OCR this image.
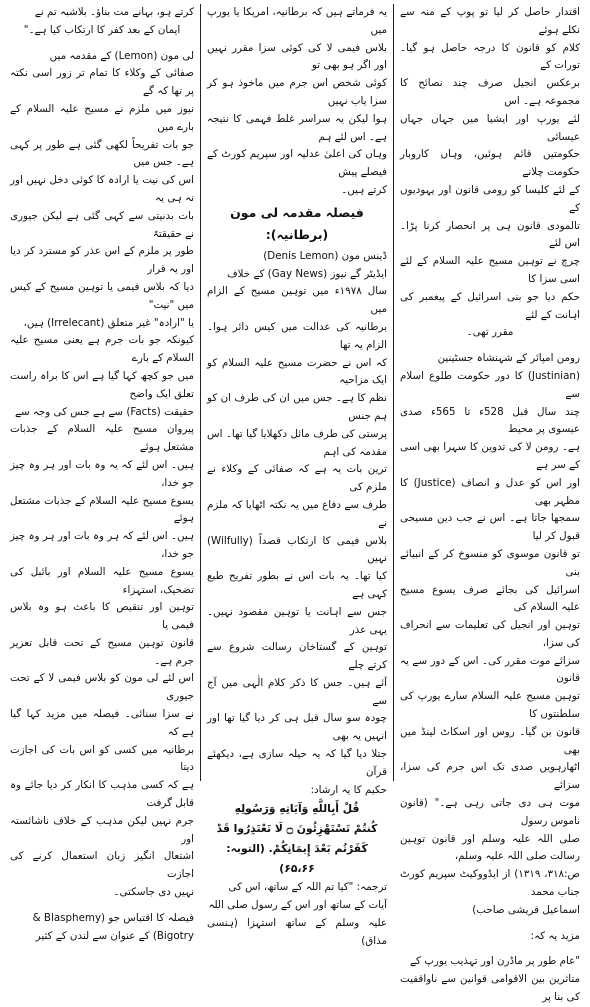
کرتے ہو، بہانے مت بناؤ۔ بلاشبہ تم نے
ایمان کے بعد کفر کا ارتکاب کیا ہے۔"
لی مون (Lemon) کے مقدمہ میں
صفائی کے وکلاء کا تمام تر زور اسی نکتہ پر تھا کہ گے
نیوز میں ملزم نے مسیح علیہ السلام کے بارے میں
جو بات تفریحاً لکھی گئی ہے طور پر کہی ہے۔ جس میں
اس کی نیت یا ارادہ کا کوئی دخل نہیں اور نہ ہی یہ
بات بدنیتی سے کہی گئی ہے لیکن جیوری نے حقیقتہً
طور پر ملزم کے اس عذر کو مسترد کر دیا اور یہ قرار
دیا کہ بلاس فیمی یا توہین مسیح کے کیس میں "نیت"
یا "ارادہ" غیر متعلق (Irrelecant) ہیں،
کیونکہ جو بات جرم ہے یعنی مسیح علیہ السلام کے بارے
میں جو کچھ کہا گیا ہے اس کا براہ راست تعلق ایک واضح
حقیقت (Facts) سے ہے جس کی وجہ سے
پیروان مسیح علیہ السلام کے جذبات مشتعل ہوئے
ہیں۔ اس لئے کہ یہ وہ بات اور ہر وہ چیز جو خدا،
یسوع مسیح علیہ السلام کے جذبات مشتعل ہوئے
ہیں۔ اس لئے کہ ہر وہ بات اور ہر وہ چیز جو خدا،
یسوع مسیح علیہ السلام اور بائبل کی تضحیک، استہزاء
توہین اور تنقیص کا باعث ہو وہ بلاس فیمی یا
قانون توہین مسیح کے تحت قابل تعزیر جرم ہے۔
اس لئے لی مون کو بلاس فیمی لا کے تحت جیوری
نے سزا سنائی۔ فیصلہ میں مزید کہا گیا ہے کہ
برطانیہ میں کسی کو اس بات کی اجازت دیتا
ہے کہ کسی مذہب کا انکار کر دیا جائے وہ قابل گرفت
جرم نہیں لیکن مذہب کے خلاف ناشائستہ اور
اشتعال انگیز زبان استعمال کرنے کی اجازت
نہیں دی جاسکتی۔
فیصلہ کا اقتباس جو (Blasphemy &
Bigotry) کے عنوان سے لندن کے کثیر
یہ فرماتے ہیں کہ برطانیہ، امریکا یا یورپ میں
بلاس فیمی لا کی کوئی سزا مقرر نہیں اور اگر ہو بھی تو
کوئی شخص اس جرم میں ماخوذ ہو کر سزا یاب نہیں
ہوا لیکن یہ سراسر غلط فہمی کا نتیجہ ہے۔ اس لئے ہم
وہاں کی اعلیٰ عدلیہ اور سپریم کورٹ کے فیصلے پیش
کرتے ہیں۔
فیصلہ مقدمہ لی مون (برطانیہ):
ڈینس مون (Denis Lemon)
ایڈیٹر گے نیوز (Gay News) کے خلاف
سال ۱۹۷۸ء میں توہین مسیح کے الزام میں
برطانیہ کی عدالت میں کیس دائر ہوا۔ الزام یہ تھا
کہ اس نے حضرت مسیح علیہ السلام کو ایک مزاحیہ
نظم کا ہے۔ جس میں ان کی طرف ان کو ہم جنس
پرستی کی طرف مائل دکھلایا گیا تھا۔ اس مقدمہ کی اہم
ترین بات یہ ہے کہ صفائی کے وکلاء نے ملزم کی
طرف سے دفاع میں یہ نکتہ اٹھایا کہ ملزم نے
بلاس فیمی کا ارتکاب قصداً (Wilfully) نہیں
کیا تھا۔ یہ بات اس نے بطور تفریح طبع کہی ہے
جس سے اہانت یا توہین مقصود نہیں۔ یہی عذر
توہین کے گستاخان رسالت شروع سے کرتے چلے
آئے ہیں۔ جس کا ذکر کلام الٰہی میں آج سے
چودہ سو سال قبل ہی کر دیا گیا تھا اور انہیں یہ بھی
جتلا دیا گیا کہ یہ حیلہ سازی ہے، دیکھئے قرآن
حکیم کا یہ ارشاد:
قُلْ أَبِاللَّهِ وَآيَاتِهِ وَرَسُولِهِ
كُنتُمْ تَسْتَهْزِئُونَ ۝ لَا تَعْتَذِرُوا قَدْ
كَفَرْتُم بَعْدَ إِيمَانِكُمْ. (التوبہ: ۶۵،۶۶)
ترجمہ: "کیا تم اللہ کے ساتھ، اس کی
آیات کے ساتھ اور اس کے رسول صلی اللہ
علیہ وسلم کے ساتھ استہزا (ہنسی مذاق)
اقتدار حاصل کر لیا تو پوپ کے منہ سے نکلے ہوئے
کلام کو قانون کا درجہ حاصل ہو گیا۔ تورات کے
برعکس انجیل صرف چند نصائح کا مجموعہ ہے۔ اس
لئے یورپ اور ایشیا میں جہاں جہاں عیسائی
حکومتیں قائم ہوئیں، وہاں کاروبار حکومت چلانے
کے لئے کلیسا کو رومی قانون اور یہودیوں کے
تالمودی قانون ہی پر انحصار کرنا پڑا۔ اس لئے
چرچ نے توہین مسیح علیہ السلام کے لئے اسی سزا کا
حکم دیا جو بنی اسرائیل کے پیغمبر کی اہانت کے لئے
مقرر تھی۔
رومن امپائر کے شہنشاہ جسٹینین
(Justinian) کا دور حکومت طلوع اسلام سے
چند سال قبل 528ء تا 565ء صدی عیسوی پر محیط
ہے۔ رومن لا کی تدوین کا سہرا بھی اسی کے سر ہے
اور اس کو عدل و انصاف (Justice) کا مظہر بھی
سمجھا جاتا ہے۔ اس نے جب دین مسیحی قبول کر لیا
تو قانون موسوی کو منسوخ کر کے انبیائے بنی
اسرائیل کی بجائے صرف یسوع مسیح علیہ السلام کی
توہین اور انجیل کی تعلیمات سے انحراف کی سزا،
سزائے موت مقرر کی۔ اس کے دور سے یہ قانون
توہین مسیح علیہ السلام سارے یورپ کی سلطنتوں کا
قانون بن گیا۔ روس اور اسکاٹ لینڈ میں بھی
اٹھارہویں صدی تک اس جرم کی سزا، سزائے
موت ہی دی جاتی رہی ہے۔" (قانون ناموس رسول
صلی اللہ علیہ وسلم اور قانون توہین رسالت صلی اللہ علیہ وسلم،
ص:۳۱۸، ۱۳۱۹) از ایڈووکیٹ سپریم کورٹ جناب محمد
اسماعیل قریشی صاحب)
مزید یہ کہ:
"عام طور پر ماڈرن اور تہذیب یورپ کے
متاثرین بین الاقوامی قوانین سے ناواقفیت کی بنا پر
